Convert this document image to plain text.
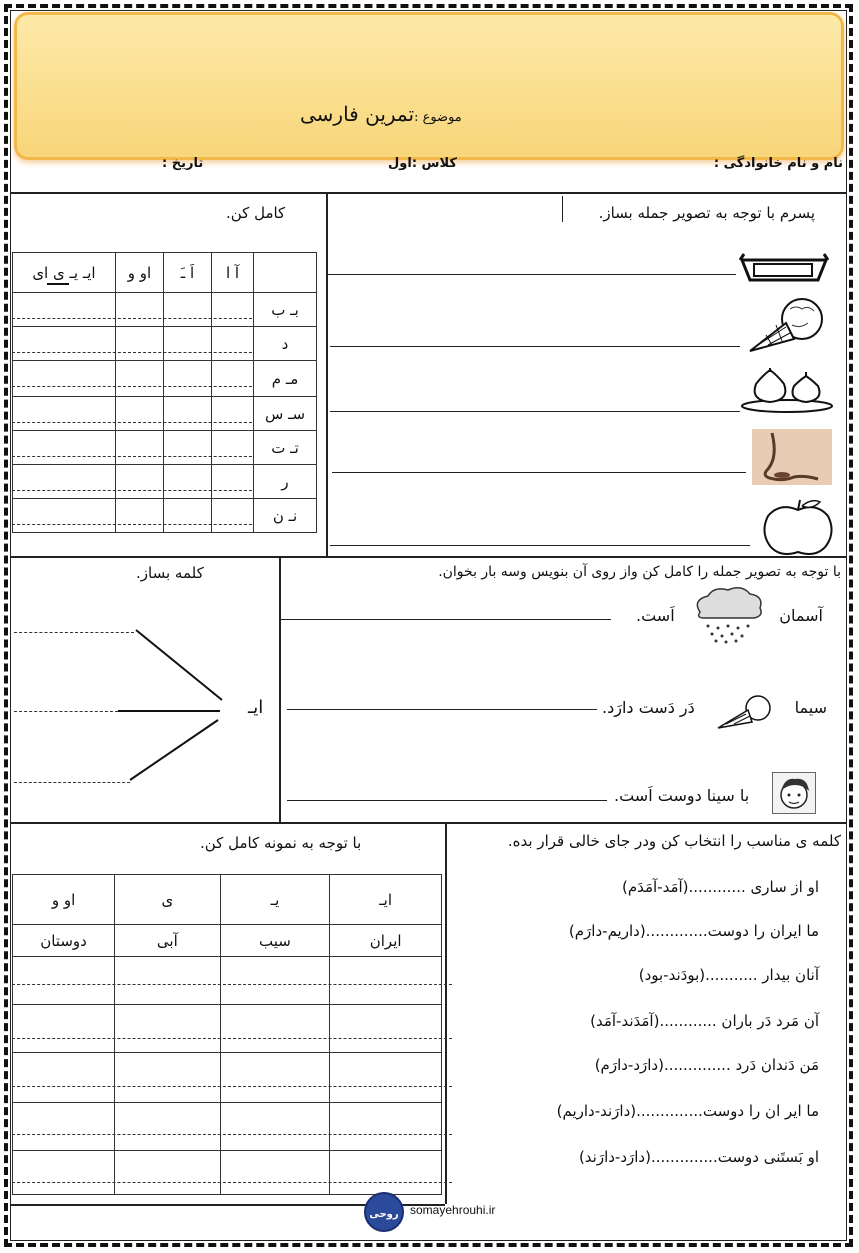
موضوع :تمرین فارسی
نام و نام خانوادگی :
کلاس :اول
تاریخ :
پسرم با توجه به تصویر جمله بساز.
کامل کن.
ایـ یـ ی ای	او و	اَ ـَ	آ ا	
				بـ ب
				د
				مـ م
				سـ س
				تـ ت
				ر
				نـ ن
با توجه به تصویر جمله را کامل کن واز روی آن بنویس وسه بار بخوان.
آسمان
اَست.
سیما
دَر دَست دارَد.
با سینا دوست اَست.
کلمه بساز.
ایـ
با توجه به نمونه کامل کن.
او و	ی	یـ	ایـ
دوستان	آبی	سیب	ایران

کلمه ی مناسب را انتخاب کن ودر جای خالی قرار بده.
او از ساری ............(آمَد-آمَدَم)
ما ایران را دوست.............(داریم-دارَم)
آنان بیدار ...........(بودَند-بود)
آن مَرد دَر باران ............(آمَدَند-آمَد)
مَن دَندان دَرد ..............(دارَد-دارَم)
ما ایر ان را دوست..............(دارَند-داریم)
او بَستَنی دوست..............(دارَد-دارَند)
روحی somayehrouhi.ir
